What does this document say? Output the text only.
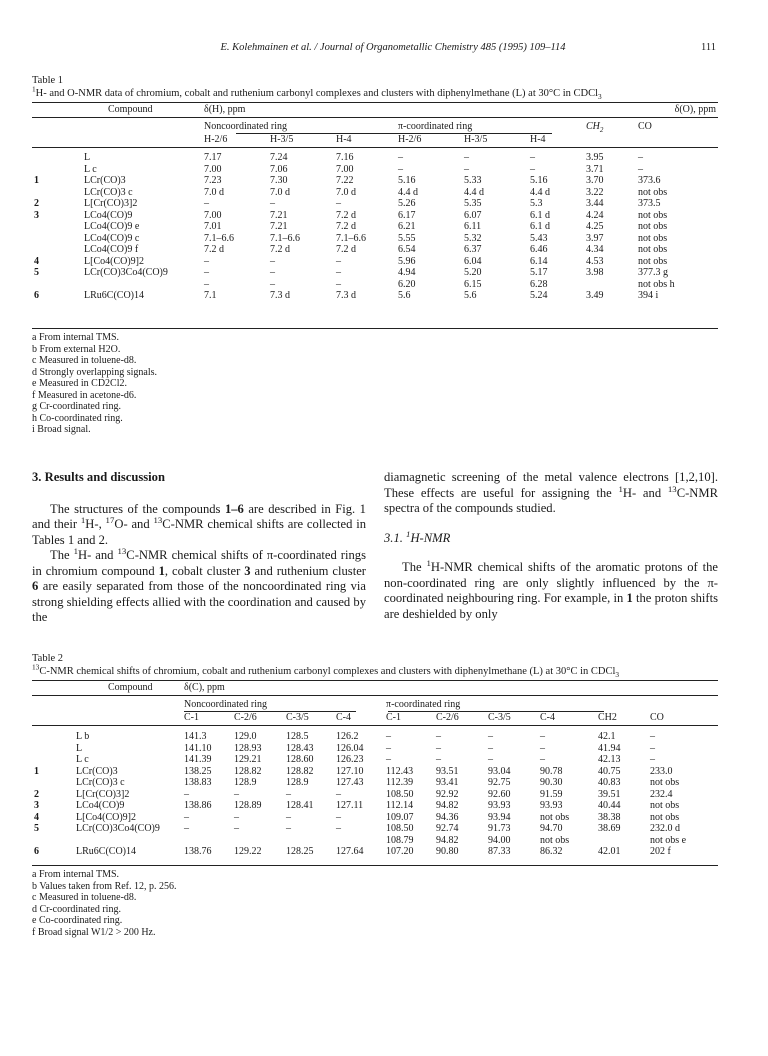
E. Kolehmainen et al. / Journal of Organometallic Chemistry 485 (1995) 109–114	111
Table 1
$^1$H- and O-NMR data of chromium, cobalt and ruthenium carbonyl complexes and clusters with diphenylmethane (L) at 30°C in CDCl$_3$
	Compound	δ(H), ppm	δ(O), ppm
		Noncoordinated ring	π-coordinated ring	$CH_2$	CO
		H-2/6	H-3/5	H-4	H-2/6	H-3/5	H-4		
	L	7.17	7.24	7.16	–	–	–	3.95	–
	L c	7.00	7.06	7.00	–	–	–	3.71	–
1	LCr(CO)3	7.23	7.30	7.22	5.16	5.33	5.16	3.70	373.6
	LCr(CO)3 c	7.0 d	7.0 d	7.0 d	4.4 d	4.4 d	4.4 d	3.22	not obs
2	L[Cr(CO)3]2	–	–	–	5.26	5.35	5.3	3.44	373.5
3	LCo4(CO)9	7.00	7.21	7.2 d	6.17	6.07	6.1 d	4.24	not obs
	LCo4(CO)9 e	7.01	7.21	7.2 d	6.21	6.11	6.1 d	4.25	not obs
	LCo4(CO)9 c	7.1–6.6	7.1–6.6	7.1–6.6	5.55	5.32	5.43	3.97	not obs
	LCo4(CO)9 f	7.2 d	7.2 d	7.2 d	6.54	6.37	6.46	4.34	not obs
4	L[Co4(CO)9]2	–	–	–	5.96	6.04	6.14	4.53	not obs
5	LCr(CO)3Co4(CO)9	–	–	–	4.94	5.20	5.17	3.98	377.3 g
		–	–	–	6.20	6.15	6.28		not obs h
6	LRu6C(CO)14	7.1	7.3 d	7.3 d	5.6	5.6	5.24	3.49	394 i
a From internal TMS.
b From external H2O.
c Measured in toluene-d8.
d Strongly overlapping signals.
e Measured in CD2Cl2.
f Measured in acetone-d6.
g Cr-coordinated ring.
h Co-coordinated ring.
i Broad signal.

3. Results and discussion

The structures of the compounds 1–6 are described in Fig. 1 and their $^1$H-, $^{17}$O- and $^{13}$C-NMR chemical shifts are collected in Tables 1 and 2.

The $^1$H- and $^{13}$C-NMR chemical shifts of π-coordinated rings in chromium compound 1, cobalt cluster 3 and ruthenium cluster 6 are easily separated from those of the noncoordinated ring via strong shielding effects allied with the coordination and caused by the

diamagnetic screening of the metal valence electrons [1,2,10]. These effects are useful for assigning the $^1$H- and $^{13}$C-NMR spectra of the compounds studied.

3.1. $^1$H-NMR

The $^1$H-NMR chemical shifts of the aromatic protons of the non-coordinated ring are only slightly influenced by the π-coordinated neighbouring ring. For example, in 1 the proton shifts are deshielded by only

Table 2
$^{13}$C-NMR chemical shifts of chromium, cobalt and ruthenium carbonyl complexes and clusters with diphenylmethane (L) at 30°C in CDCl$_3$
	Compound	δ(C), ppm
		Noncoordinated ring	π-coordinated ring		
		C-1	C-2/6	C-3/5	C-4	C-1	C-2/6	C-3/5	C-4	CH2	CO
	L b	141.3	129.0	128.5	126.2	–	–	–	–	42.1	–
	L	141.10	128.93	128.43	126.04	–	–	–	–	41.94	–
	L c	141.39	129.21	128.60	126.23	–	–	–	–	42.13	–
1	LCr(CO)3	138.25	128.82	128.82	127.10	112.43	93.51	93.04	90.78	40.75	233.0
	LCr(CO)3 c	138.83	128.9	128.9	127.43	112.39	93.41	92.75	90.30	40.83	not obs
2	L[Cr(CO)3]2	–	–	–	–	108.50	92.92	92.60	91.59	39.51	232.4
3	LCo4(CO)9	138.86	128.89	128.41	127.11	112.14	94.82	93.93	93.93	40.44	not obs
4	L[Co4(CO)9]2	–	–	–	–	109.07	94.36	93.94	not obs	38.38	not obs
5	LCr(CO)3Co4(CO)9	–	–	–	–	108.50	92.74	91.73	94.70	38.69	232.0 d
						108.79	94.82	94.00	not obs		not obs e
6	LRu6C(CO)14	138.76	129.22	128.25	127.64	107.20	90.80	87.33	86.32	42.01	202 f
a From internal TMS.
b Values taken from Ref. 12, p. 256.
c Measured in toluene-d8.
d Cr-coordinated ring.
e Co-coordinated ring.
f Broad signal W1/2 > 200 Hz.
